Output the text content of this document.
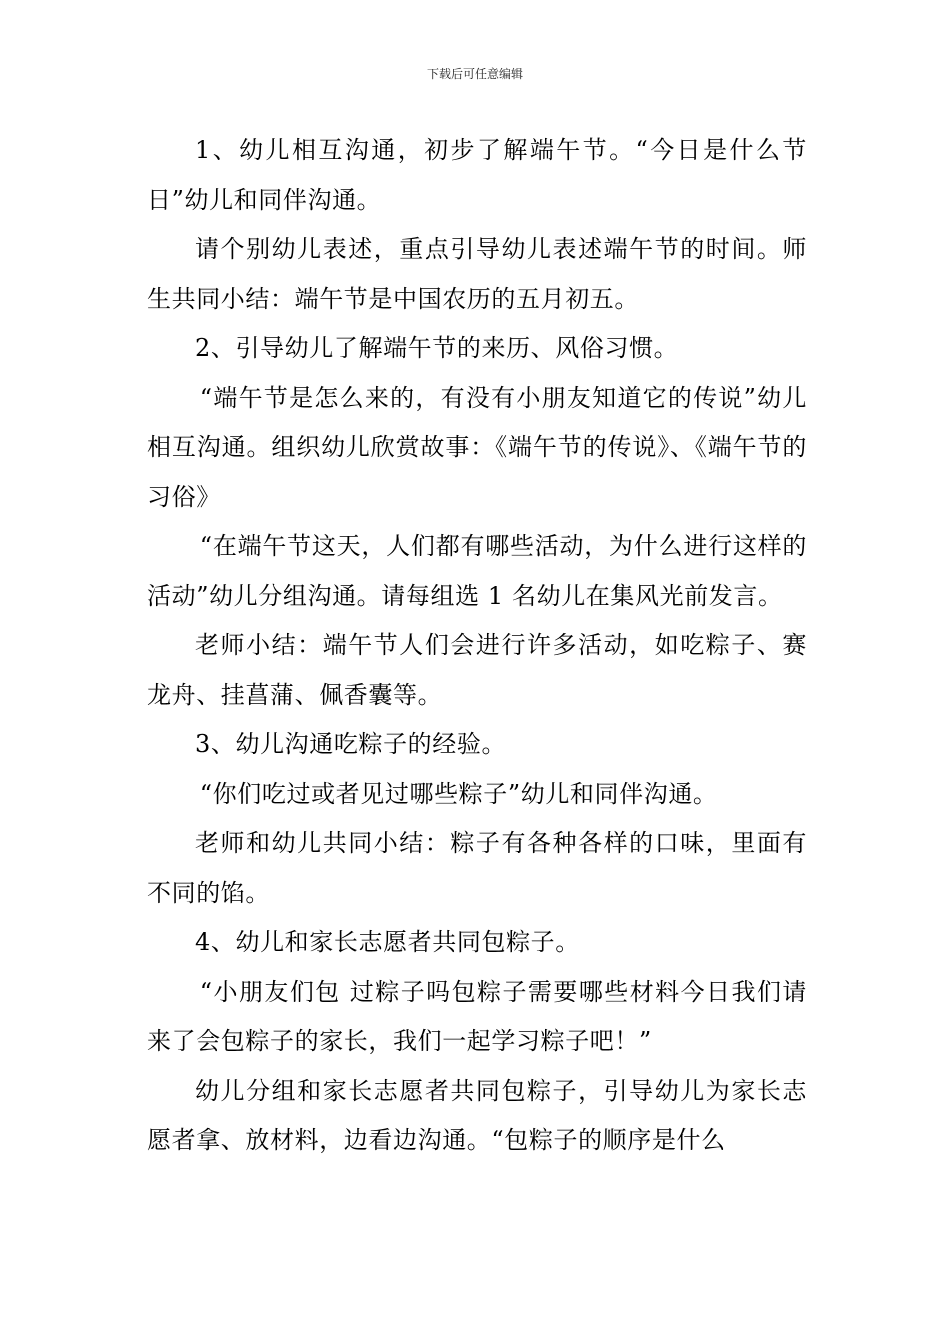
下载后可任意编辑

1、幼儿相互沟通，初步了解端午节。“今日是什么节日”幼儿和同伴沟通。

请个别幼儿表述，重点引导幼儿表述端午节的时间。师生共同小结：端午节是中国农历的五月初五。

2、引导幼儿了解端午节的来历、风俗习惯。

“端午节是怎么来的，有没有小朋友知道它的传说”幼儿相互沟通。组织幼儿欣赏故事：《端午节的传说》、《端午节的习俗》

“在端午节这天，人们都有哪些活动，为什么进行这样的活动”幼儿分组沟通。请每组选 1 名幼儿在集风光前发言。

老师小结：端午节人们会进行许多活动，如吃粽子、赛龙舟、挂菖蒲、佩香囊等。

3、幼儿沟通吃粽子的经验。

“你们吃过或者见过哪些粽子”幼儿和同伴沟通。

老师和幼儿共同小结：粽子有各种各样的口味，里面有不同的馅。

4、幼儿和家长志愿者共同包粽子。

“小朋友们包 过粽子吗包粽子需要哪些材料今日我们请来了会包粽子的家长，我们一起学习粽子吧！”

幼儿分组和家长志愿者共同包粽子，引导幼儿为家长志愿者拿、放材料，边看边沟通。“包粽子的顺序是什么
